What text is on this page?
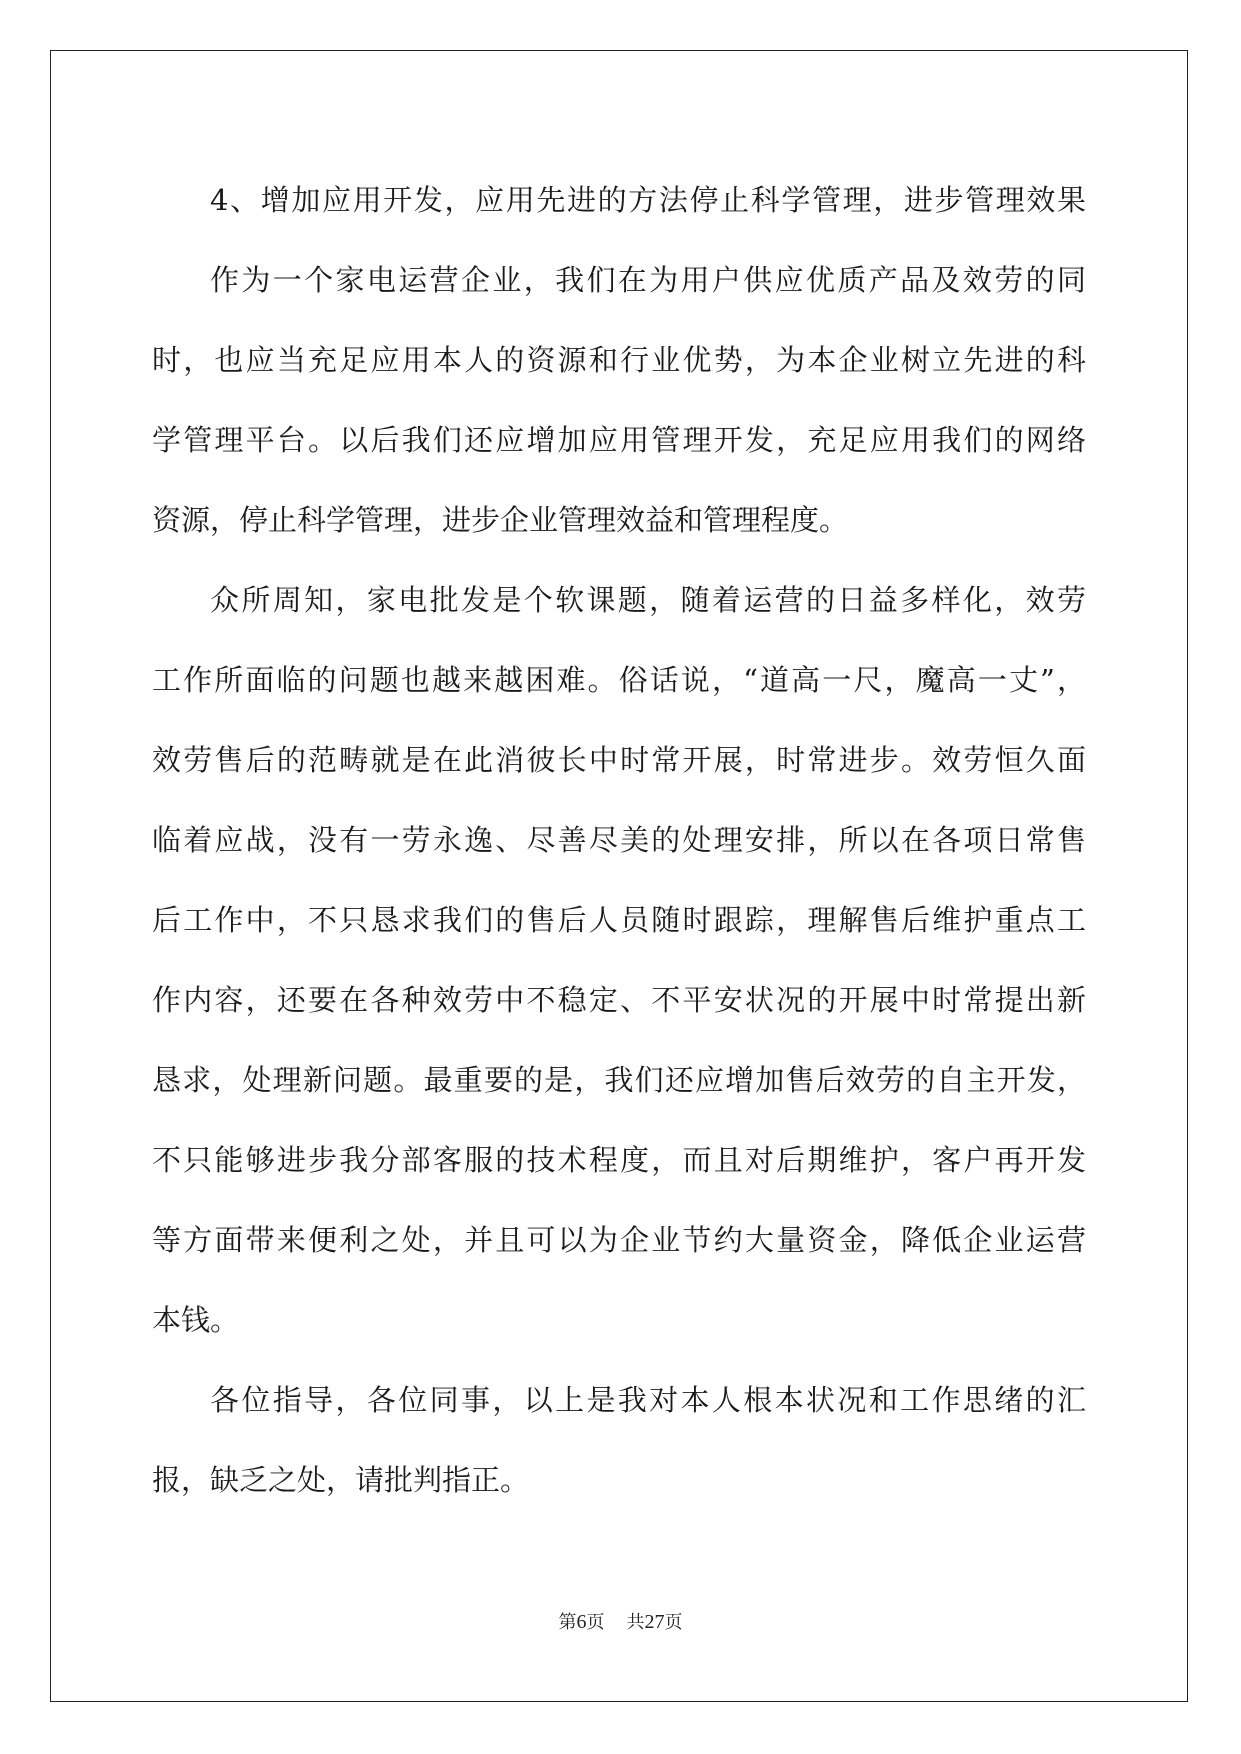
4、增加应用开发，应用先进的方法停止科学管理，进步管理效果
作为一个家电运营企业，我们在为用户供应优质产品及效劳的同
时，也应当充足应用本人的资源和行业优势，为本企业树立先进的科
学管理平台。以后我们还应增加应用管理开发，充足应用我们的网络
资源，停止科学管理，进步企业管理效益和管理程度。
众所周知，家电批发是个软课题，随着运营的日益多样化，效劳
工作所面临的问题也越来越困难。俗话说，“道高一尺，魔高一丈”，
效劳售后的范畴就是在此消彼长中时常开展，时常进步。效劳恒久面
临着应战，没有一劳永逸、尽善尽美的处理安排，所以在各项日常售
后工作中，不只恳求我们的售后人员随时跟踪，理解售后维护重点工
作内容，还要在各种效劳中不稳定、不平安状况的开展中时常提出新
恳求，处理新问题。最重要的是，我们还应增加售后效劳的自主开发，
不只能够进步我分部客服的技术程度，而且对后期维护，客户再开发
等方面带来便利之处，并且可以为企业节约大量资金，降低企业运营
本钱。
各位指导，各位同事，以上是我对本人根本状况和工作思绪的汇
报，缺乏之处，请批判指正。
第6页 共27页
